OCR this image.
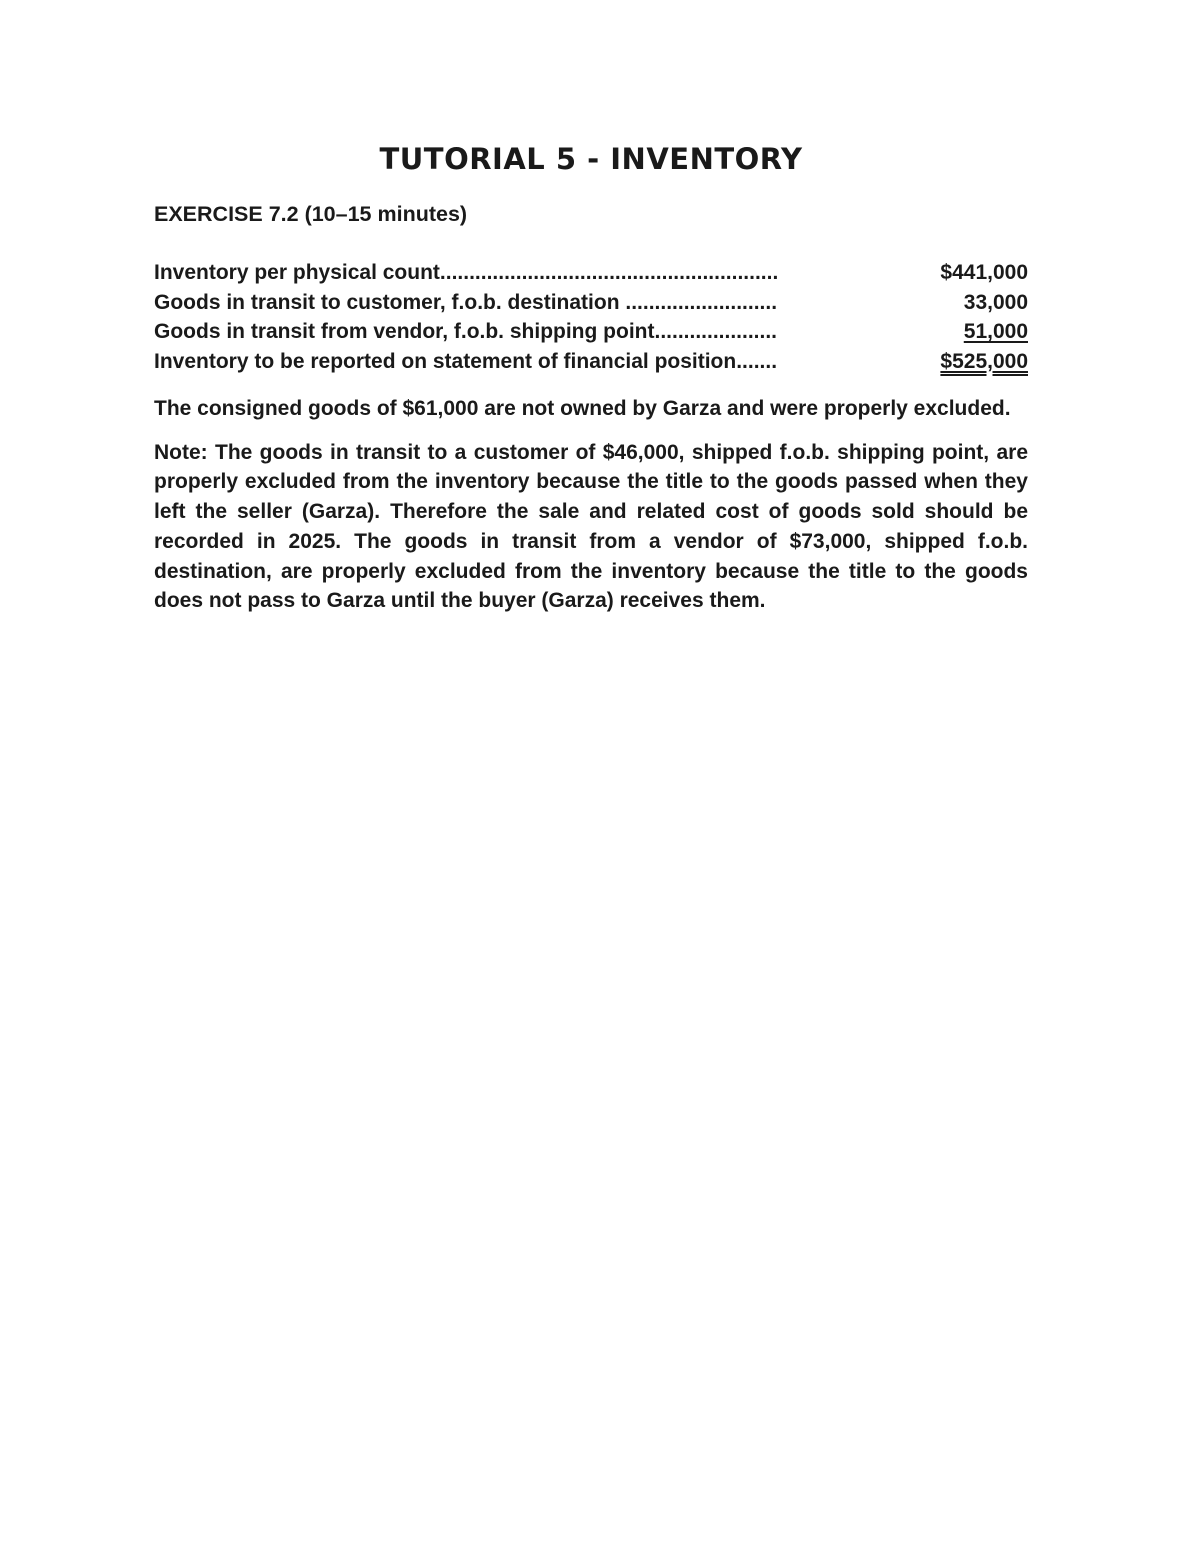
TUTORIAL 5 - INVENTORY
EXERCISE 7.2 (10–15 minutes)
Inventory per physical count..........................................................	$441,000
Goods in transit to customer, f.o.b. destination ..........................	33,000
Goods in transit from vendor, f.o.b. shipping point.....................	51,000
Inventory to be reported on statement of financial position.......	$525,000

The consigned goods of $61,000 are not owned by Garza and were properly excluded.

Note: The goods in transit to a customer of $46,000, shipped f.o.b. shipping point, are properly excluded from the inventory because the title to the goods passed when they left the seller (Garza). Therefore the sale and related cost of goods sold should be recorded in 2025. The goods in transit from a vendor of $73,000, shipped f.o.b. destination, are properly excluded from the inventory because the title to the goods does not pass to Garza until the buyer (Garza) receives them.
